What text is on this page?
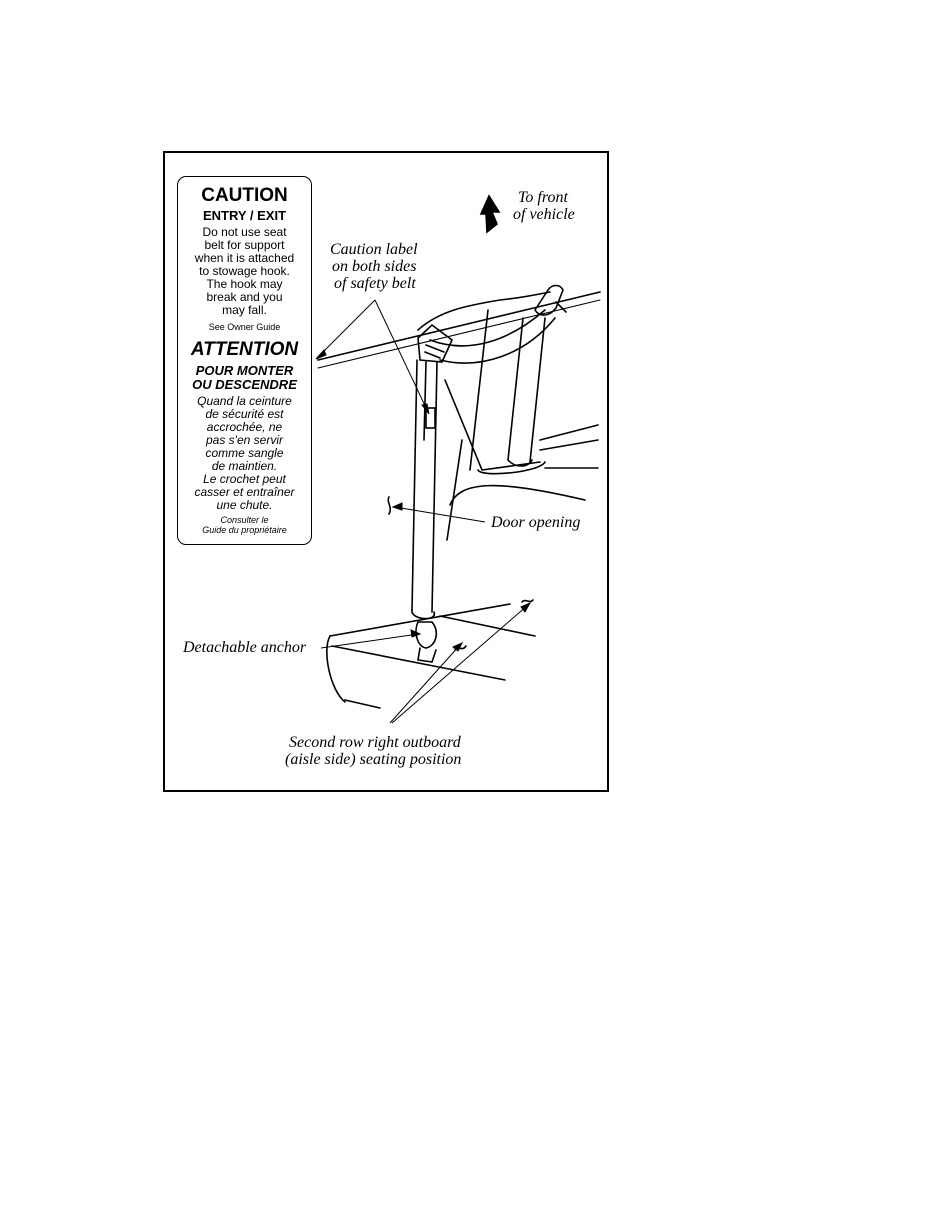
CAUTION
ENTRY / EXIT
Do not use seat
belt for support
when it is attached
to stowage hook.
The hook may
break and you
may fall.
See Owner Guide
ATTENTION
POUR MONTER
OU DESCENDRE
Quand la ceinture
de sécurité est
accrochée, ne
pas s'en servir
comme sangle
de maintien.
Le crochet peut
casser et entraîner
une chute.
Consulter le
Guide du propriétaire
To front
of vehicle
Caution label
on both sides
of safety belt
Door opening
Detachable anchor
Second row right outboard
(aisle side) seating position
